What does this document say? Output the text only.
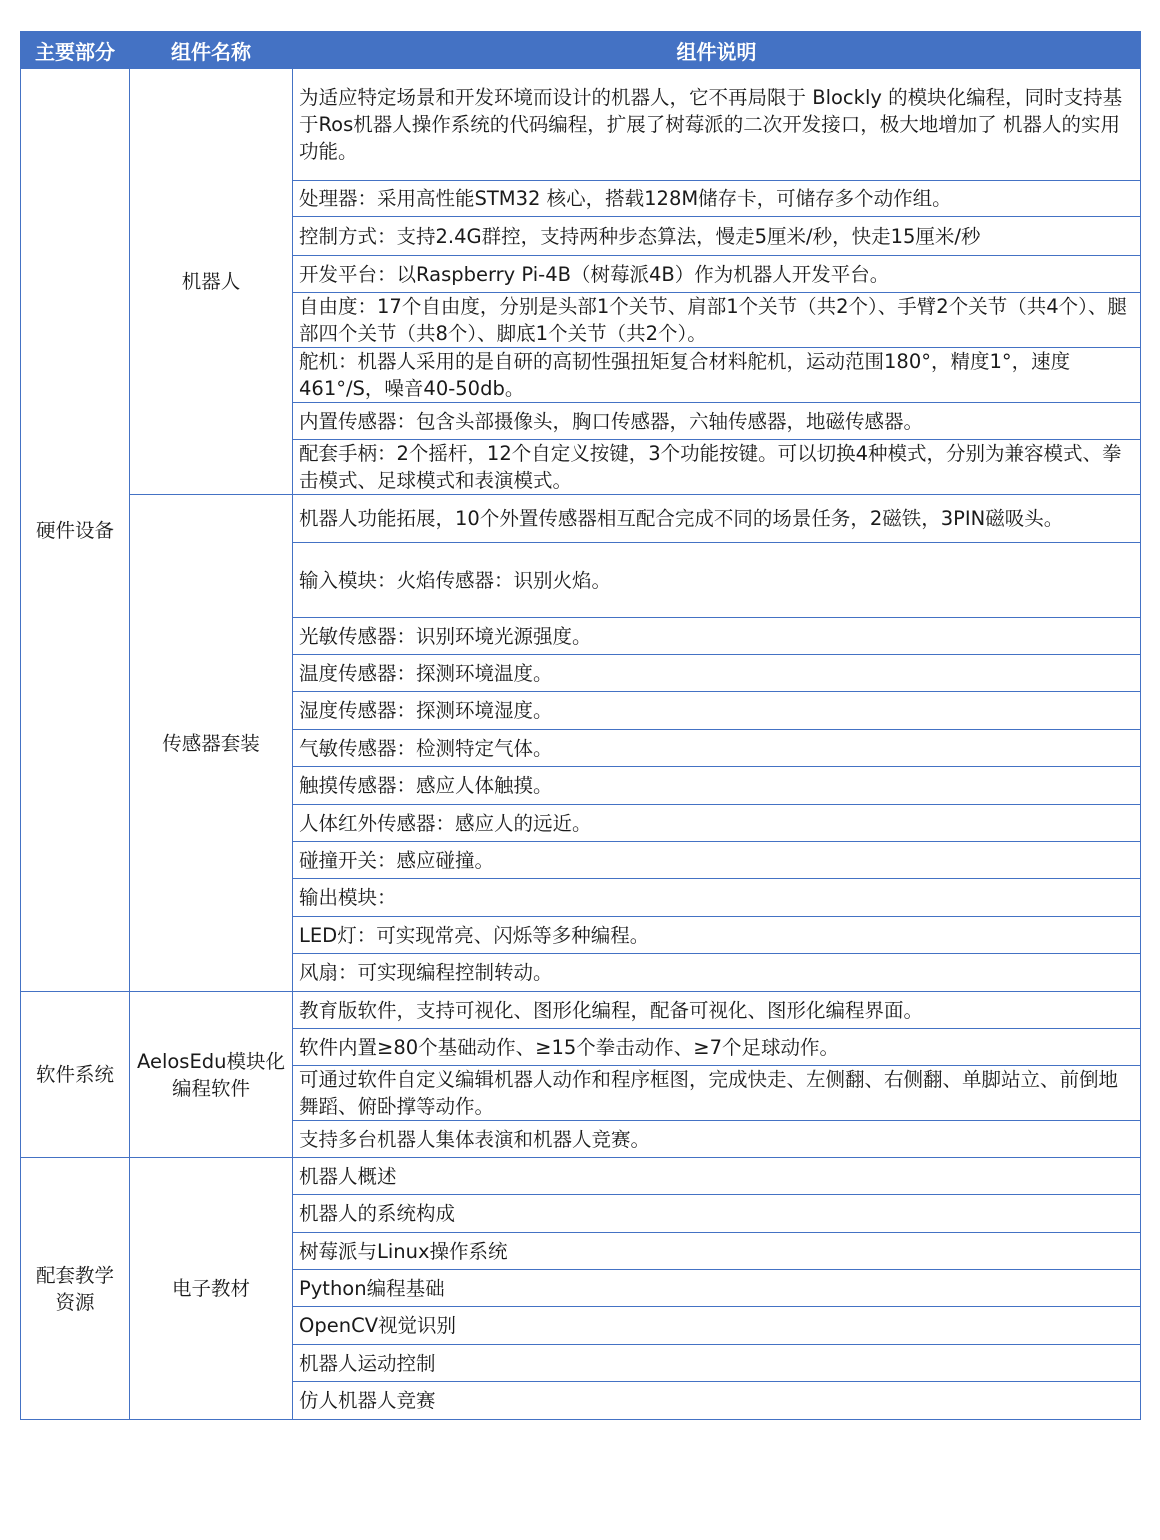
主要部分	组件名称	组件说明
硬件设备	机器人	为适应特定场景和开发环境而设计的机器人，它不再局限于 Blockly 的模块化编程，同时支持基于Ros机器人操作系统的代码编程，扩展了树莓派的二次开发接口，极大地增加了 机器人的实用功能。
		处理器：采用高性能STM32 核心，搭载128M储存卡，可储存多个动作组。
		控制方式：支持2.4G群控，支持两种步态算法，慢走5厘米/秒，快走15厘米/秒
		开发平台：以Raspberry Pi-4B（树莓派4B）作为机器人开发平台。
		自由度：17个自由度，分别是头部1个关节、肩部1个关节（共2个）、手臂2个关节（共4个）、腿部四个关节（共8个）、脚底1个关节（共2个）。
		舵机：机器人采用的是自研的高韧性强扭矩复合材料舵机，运动范围180°，精度1°，速度461°/S，噪音40-50db。
		内置传感器：包含头部摄像头，胸口传感器，六轴传感器，地磁传感器。
		配套手柄：2个摇杆，12个自定义按键，3个功能按键。可以切换4种模式，分别为兼容模式、拳击模式、足球模式和表演模式。
	传感器套装	机器人功能拓展，10个外置传感器相互配合完成不同的场景任务，2磁铁，3PIN磁吸头。
		输入模块：火焰传感器：识别火焰。
		光敏传感器：识别环境光源强度。
		温度传感器：探测环境温度。
		湿度传感器：探测环境湿度。
		气敏传感器：检测特定气体。
		触摸传感器：感应人体触摸。
		人体红外传感器：感应人的远近。
		碰撞开关：感应碰撞。
		输出模块：
		LED灯：可实现常亮、闪烁等多种编程。
		风扇：可实现编程控制转动。
软件系统	AelosEdu模块化编程软件	教育版软件，支持可视化、图形化编程，配备可视化、图形化编程界面。
		软件内置≥80个基础动作、≥15个拳击动作、≥7个足球动作。
		可通过软件自定义编辑机器人动作和程序框图，完成快走、左侧翻、右侧翻、单脚站立、前倒地舞蹈、俯卧撑等动作。
		支持多台机器人集体表演和机器人竞赛。
配套教学资源	电子教材	机器人概述
		机器人的系统构成
		树莓派与Linux操作系统
		Python编程基础
		OpenCV视觉识别
		机器人运动控制
		仿人机器人竞赛
